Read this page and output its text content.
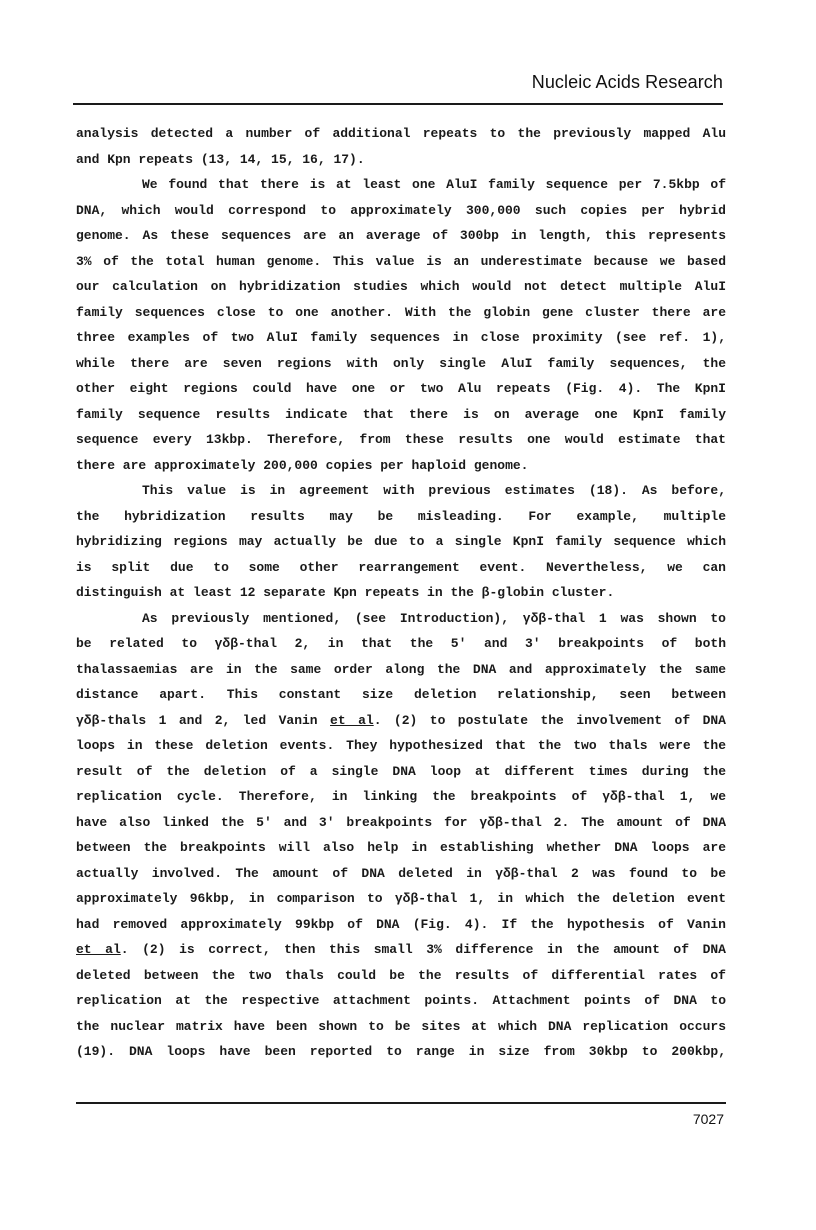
Nucleic Acids Research
analysis detected a number of additional repeats to the previously mapped Alu
and Kpn repeats (13, 14, 15, 16, 17).
We found that there is at least one AluI family sequence per 7.5kbp of
DNA, which would correspond to approximately 300,000 such copies per hybrid
genome. As these sequences are an average of 300bp in length, this represents
3% of the total human genome. This value is an underestimate because we based
our calculation on hybridization studies which would not detect multiple AluI
family sequences close to one another. With the globin gene cluster there are
three examples of two AluI family sequences in close proximity (see ref. 1),
while there are seven regions with only single AluI family sequences, the
other eight regions could have one or two Alu repeats (Fig. 4). The KpnI
family sequence results indicate that there is on average one KpnI family
sequence every 13kbp. Therefore, from these results one would estimate that
there are approximately 200,000 copies per haploid genome.
This value is in agreement with previous estimates (18). As before,
the hybridization results may be misleading. For example, multiple
hybridizing regions may actually be due to a single KpnI family sequence which
is split due to some other rearrangement event. Nevertheless, we can
distinguish at least 12 separate Kpn repeats in the β-globin cluster.
As previously mentioned, (see Introduction), γδβ-thal 1 was shown to
be related to γδβ-thal 2, in that the 5' and 3' breakpoints of both
thalassaemias are in the same order along the DNA and approximately the same
distance apart. This constant size deletion relationship, seen between
γδβ-thals 1 and 2, led Vanin et al. (2) to postulate the involvement of DNA
loops in these deletion events. They hypothesized that the two thals were the
result of the deletion of a single DNA loop at different times during the
replication cycle. Therefore, in linking the breakpoints of γδβ-thal 1, we
have also linked the 5' and 3' breakpoints for γδβ-thal 2. The amount of DNA
between the breakpoints will also help in establishing whether DNA loops are
actually involved. The amount of DNA deleted in γδβ-thal 2 was found to be
approximately 96kbp, in comparison to γδβ-thal 1, in which the deletion event
had removed approximately 99kbp of DNA (Fig. 4). If the hypothesis of Vanin
et al. (2) is correct, then this small 3% difference in the amount of DNA
deleted between the two thals could be the results of differential rates of
replication at the respective attachment points. Attachment points of DNA to
the nuclear matrix have been shown to be sites at which DNA replication occurs
(19). DNA loops have been reported to range in size from 30kbp to 200kbp,
7027
